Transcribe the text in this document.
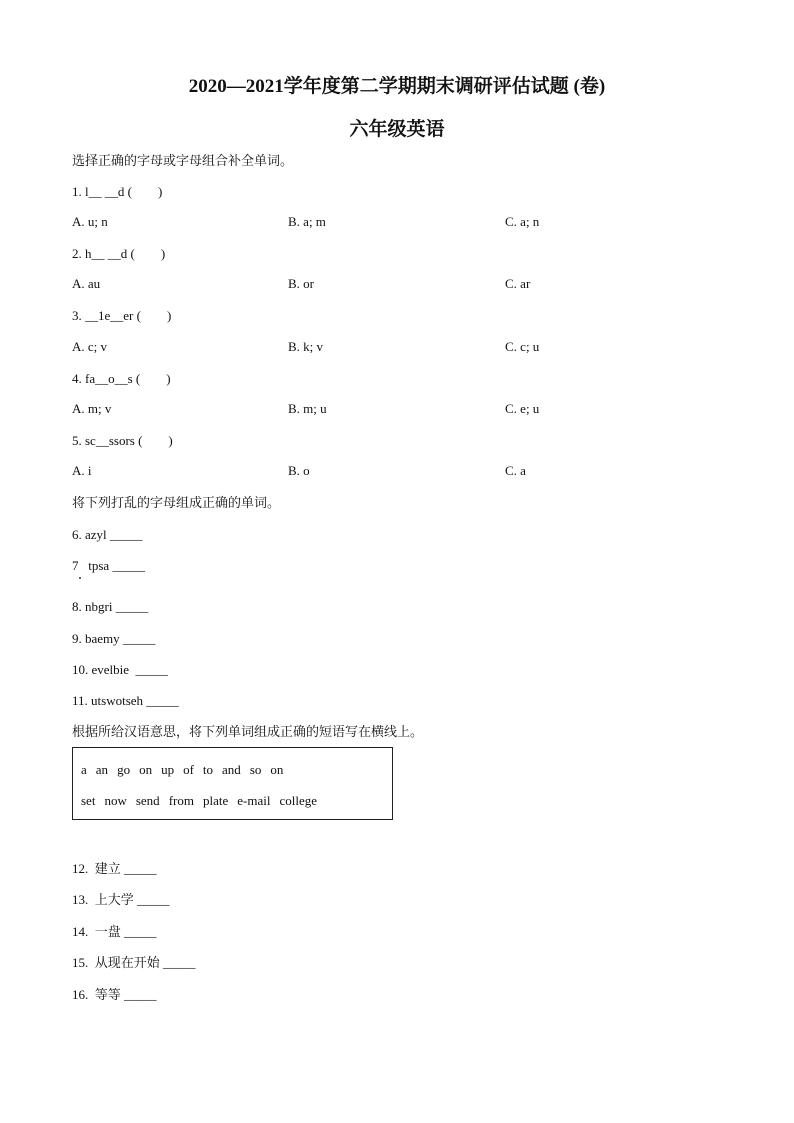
2020—2021学年度第二学期期末调研评估试题 (卷)
六年级英语
选择正确的字母或字母组合补全单词。
1. l__ __d (        )
A. u; n	B. a; m	C. a; n
2. h__ __d (        )
A. au	B. or	C. ar
3. __1e__er (        )
A. c; v	B. k; v	C. c; u
4. fa__o__s (        )
A. m; v	B. m; u	C. e; u
5. sc__ssors (        )
A. i	B. o	C. a
将下列打乱的字母组成正确的单词。
6. azyl _____
7   tpsa _____
8. nbgri _____
9. baemy _____
10. evelbie  _____
11. utswotseh _____
根据所给汉语意思，将下列单词组成正确的短语写在横线上。
a an go on up of to and so on
set now send from plate e-mail college
12.  建立 _____
13.  上大学 _____
14.  一盘 _____
15.  从现在开始 _____
16.  等等 _____
